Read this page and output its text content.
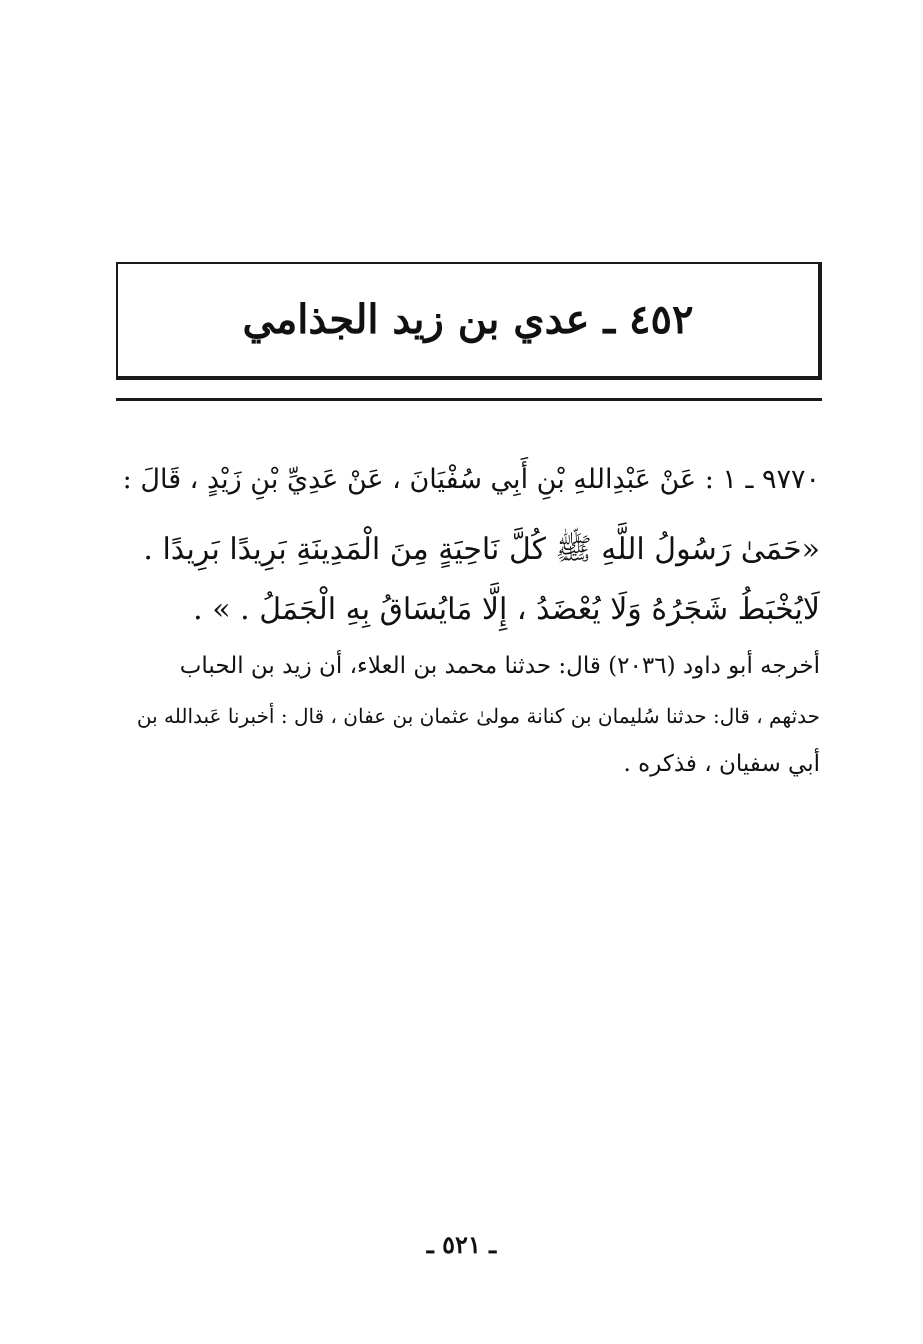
٤٥٢ ـ عدي بن زيد الجذامي
٩٧٧٠ ـ ١ : عَنْ عَبْدِاللهِ بْنِ أَبِي سُفْيَانَ ، عَنْ عَدِيِّ بْنِ زَيْدٍ ، قَالَ :
«حَمَىٰ رَسُولُ اللَّهِ ﷺ كُلَّ نَاحِيَةٍ مِنَ الْمَدِينَةِ بَرِيدًا بَرِيدًا .
لَايُخْبَطُ شَجَرُهُ وَلَا يُعْضَدُ ، إِلَّا مَايُسَاقُ بِهِ الْجَمَلُ . » .
أخرجه أبو داود (٢٠٣٦) قال: حدثنا محمد بن العلاء، أن زيد بن الحباب
حدثهم ، قال: حدثنا سُليمان بن كنانة مولىٰ عثمان بن عفان ، قال : أخبرنا عَبدالله بن
أبي سفيان ، فذكره .
ـ ٥٢١ ـ
